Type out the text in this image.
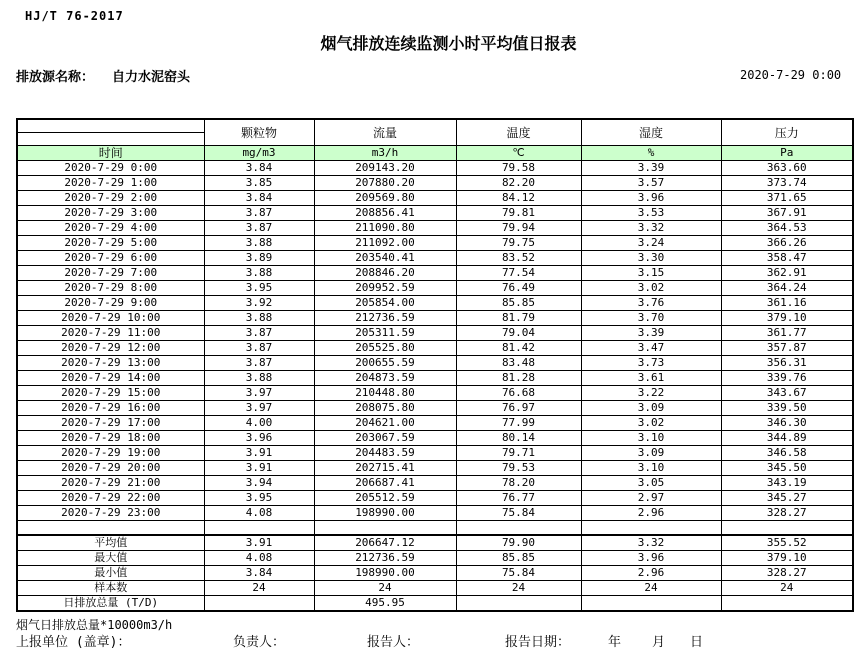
HJ/T 76-2017
烟气排放连续监测小时平均值日报表
排放源名称： 自力水泥窑头	2020-7-29 0:00
	颗粒物	流量	温度	湿度	压力

时间	mg/m3	m3/h	℃	%	Pa
2020-7-29 0:00	3.84	209143.20	79.58	3.39	363.60
2020-7-29 1:00	3.85	207880.20	82.20	3.57	373.74
2020-7-29 2:00	3.84	209569.80	84.12	3.96	371.65
2020-7-29 3:00	3.87	208856.41	79.81	3.53	367.91
2020-7-29 4:00	3.87	211090.80	79.94	3.32	364.53
2020-7-29 5:00	3.88	211092.00	79.75	3.24	366.26
2020-7-29 6:00	3.89	203540.41	83.52	3.30	358.47
2020-7-29 7:00	3.88	208846.20	77.54	3.15	362.91
2020-7-29 8:00	3.95	209952.59	76.49	3.02	364.24
2020-7-29 9:00	3.92	205854.00	85.85	3.76	361.16
2020-7-29 10:00	3.88	212736.59	81.79	3.70	379.10
2020-7-29 11:00	3.87	205311.59	79.04	3.39	361.77
2020-7-29 12:00	3.87	205525.80	81.42	3.47	357.87
2020-7-29 13:00	3.87	200655.59	83.48	3.73	356.31
2020-7-29 14:00	3.88	204873.59	81.28	3.61	339.76
2020-7-29 15:00	3.97	210448.80	76.68	3.22	343.67
2020-7-29 16:00	3.97	208075.80	76.97	3.09	339.50
2020-7-29 17:00	4.00	204621.00	77.99	3.02	346.30
2020-7-29 18:00	3.96	203067.59	80.14	3.10	344.89
2020-7-29 19:00	3.91	204483.59	79.71	3.09	346.58
2020-7-29 20:00	3.91	202715.41	79.53	3.10	345.50
2020-7-29 21:00	3.94	206687.41	78.20	3.05	343.19
2020-7-29 22:00	3.95	205512.59	76.77	2.97	345.27
2020-7-29 23:00	4.08	198990.00	75.84	2.96	328.27

平均值	3.91	206647.12	79.90	3.32	355.52
最大值	4.08	212736.59	85.85	3.96	379.10
最小值	3.84	198990.00	75.84	2.96	328.27
样本数	24	24	24	24	24
日排放总量 (T/D)		495.95			
烟气日排放总量*10000m3/h
上报单位 (盖章)：	负责人：	报告人：	报告日期：	年 月 日
